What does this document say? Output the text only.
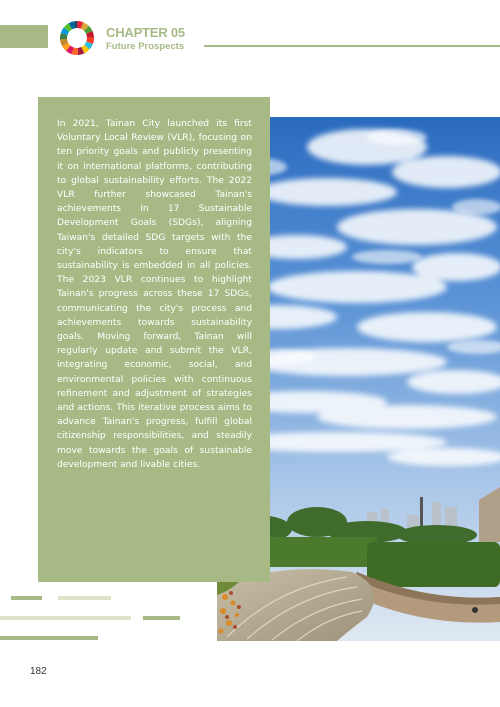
CHAPTER 05
Future Prospects

In 2021, Tainan City launched its first Voluntary Local Review (VLR), focusing on ten priority goals and publicly presenting it on international platforms, contributing to global sustainability efforts. The 2022 VLR further showcased Tainan's achievements in 17 Sustainable Development Goals (SDGs), aligning Taiwan's detailed SDG targets with the city's indicators to ensure that sustainability is embedded in all policies. The 2023 VLR continues to highlight Tainan's progress across these 17 SDGs, communicating the city's process and achievements towards sustainability goals. Moving forward, Tainan will regularly update and submit the VLR, integrating economic, social, and environmental policies with continuous refinement and adjustment of strategies and actions. This iterative process aims to advance Tainan's progress, fulfill global citizenship responsibilities, and steadily move towards the goals of sustainable development and livable cities.

182
